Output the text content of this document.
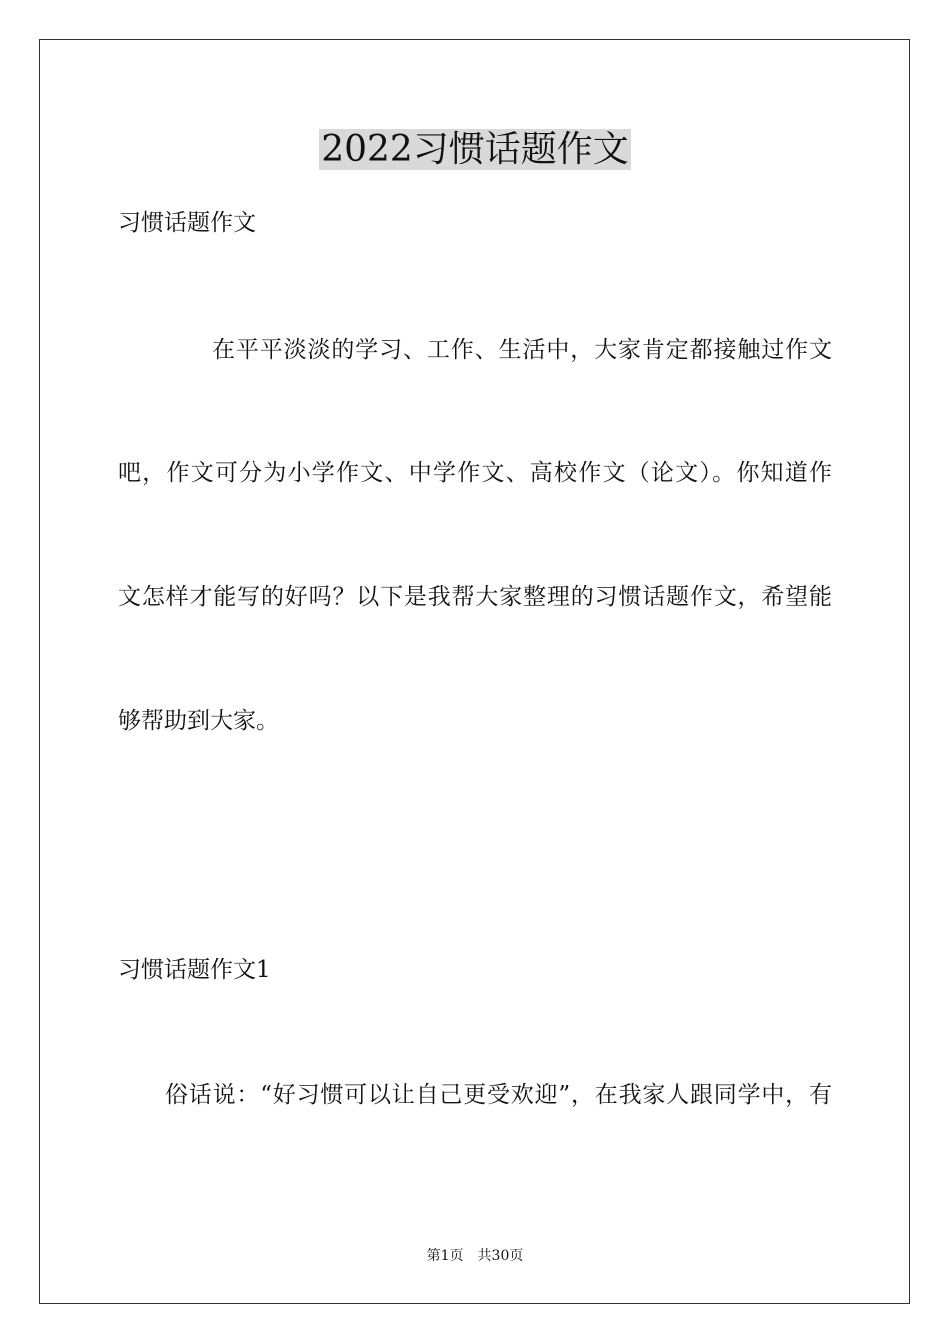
2022习惯话题作文
习惯话题作文
在平平淡淡的学习、工作、生活中，大家肯定都接触过作文
吧，作文可分为小学作文、中学作文、高校作文（论文）。你知道作
文怎样才能写的好吗？以下是我帮大家整理的习惯话题作文，希望能
够帮助到大家。
习惯话题作文1
俗话说：“好习惯可以让自己更受欢迎”，在我家人跟同学中，有
第1页 共30页
